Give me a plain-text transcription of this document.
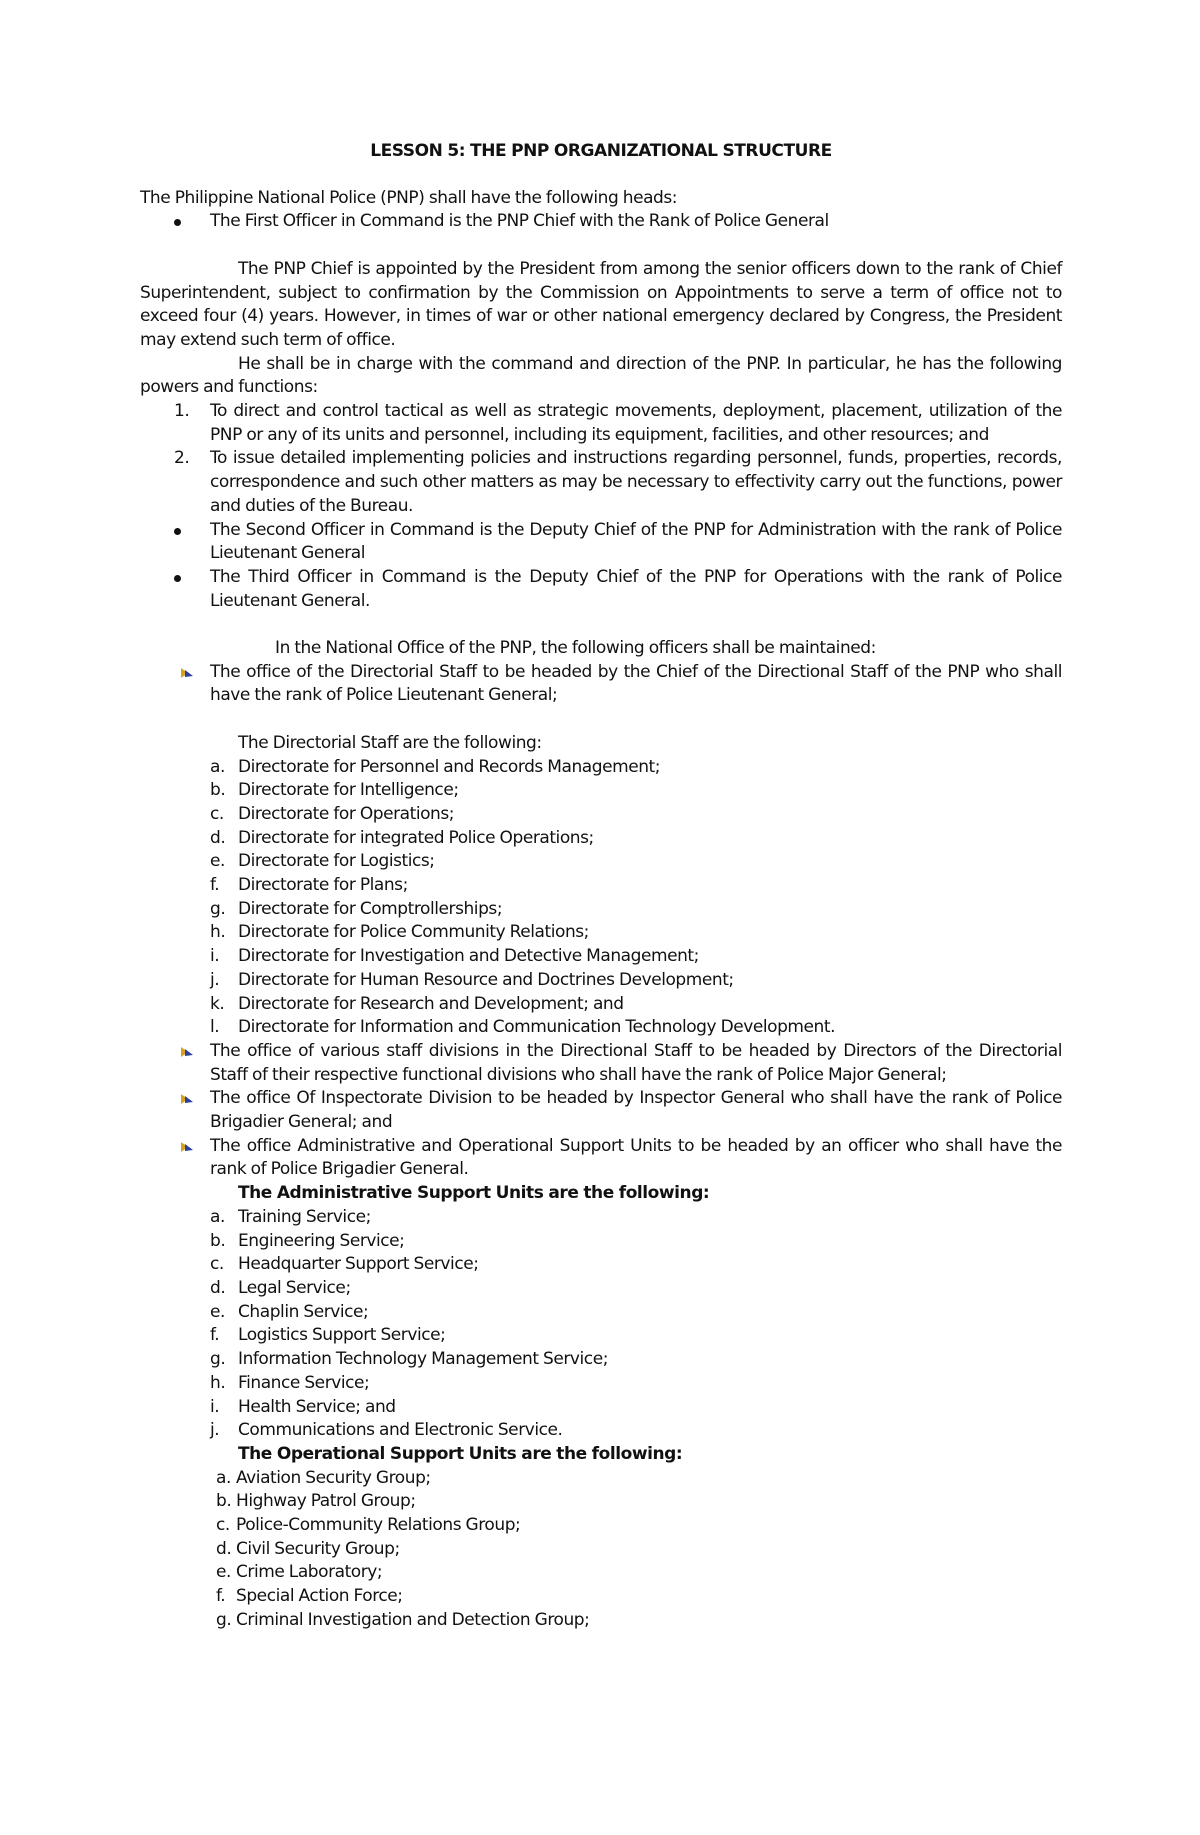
LESSON 5: THE PNP ORGANIZATIONAL STRUCTURE

The Philippine National Police (PNP) shall have the following heads:

The First Officer in Command is the PNP Chief with the Rank of Police General

The PNP Chief is appointed by the President from among the senior officers down to the rank of Chief Superintendent, subject to confirmation by the Commission on Appointments to serve a term of office not to exceed four (4) years. However, in times of war or other national emergency declared by Congress, the President may extend such term of office.

He shall be in charge with the command and direction of the PNP. In particular, he has the following powers and functions:

1. To direct and control tactical as well as strategic movements, deployment, placement, utilization of the PNP or any of its units and personnel, including its equipment, facilities, and other resources; and
2. To issue detailed implementing policies and instructions regarding personnel, funds, properties, records, correspondence and such other matters as may be necessary to effectivity carry out the functions, power and duties of the Bureau.
The Second Officer in Command is the Deputy Chief of the PNP for Administration with the rank of Police Lieutenant General
The Third Officer in Command is the Deputy Chief of the PNP for Operations with the rank of Police Lieutenant General.

In the National Office of the PNP, the following officers shall be maintained:

The office of the Directorial Staff to be headed by the Chief of the Directional Staff of the PNP who shall have the rank of Police Lieutenant General;

The Directorial Staff are the following:

a. Directorate for Personnel and Records Management;
b. Directorate for Intelligence;
c. Directorate for Operations;
d. Directorate for integrated Police Operations;
e. Directorate for Logistics;
f. Directorate for Plans;
g. Directorate for Comptrollerships;
h. Directorate for Police Community Relations;
i. Directorate for Investigation and Detective Management;
j. Directorate for Human Resource and Doctrines Development;
k. Directorate for Research and Development; and
l. Directorate for Information and Communication Technology Development.
The office of various staff divisions in the Directional Staff to be headed by Directors of the Directorial Staff of their respective functional divisions who shall have the rank of Police Major General;
The office Of Inspectorate Division to be headed by Inspector General who shall have the rank of Police Brigadier General; and
The office Administrative and Operational Support Units to be headed by an officer who shall have the rank of Police Brigadier General.

The Administrative Support Units are the following:

a. Training Service;
b. Engineering Service;
c. Headquarter Support Service;
d. Legal Service;
e. Chaplin Service;
f. Logistics Support Service;
g. Information Technology Management Service;
h. Finance Service;
i. Health Service; and
j. Communications and Electronic Service.

The Operational Support Units are the following:

a. Aviation Security Group;
b. Highway Patrol Group;
c. Police-Community Relations Group;
d. Civil Security Group;
e. Crime Laboratory;
f. Special Action Force;
g. Criminal Investigation and Detection Group;
